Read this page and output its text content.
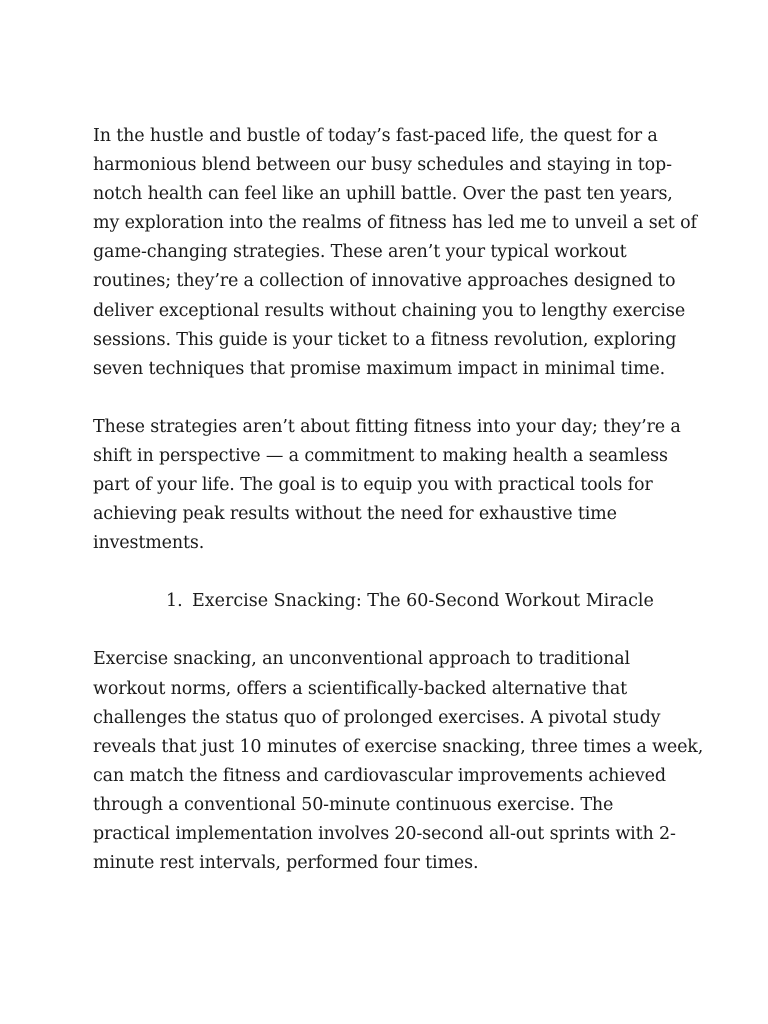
In the hustle and bustle of today’s fast-paced life, the quest for a
harmonious blend between our busy schedules and staying in top-
notch health can feel like an uphill battle. Over the past ten years,
my exploration into the realms of fitness has led me to unveil a set of
game-changing strategies. These aren’t your typical workout
routines; they’re a collection of innovative approaches designed to
deliver exceptional results without chaining you to lengthy exercise
sessions. This guide is your ticket to a fitness revolution, exploring
seven techniques that promise maximum impact in minimal time.

These strategies aren’t about fitting fitness into your day; they’re a
shift in perspective — a commitment to making health a seamless
part of your life. The goal is to equip you with practical tools for
achieving peak results without the need for exhaustive time
investments.

1. Exercise Snacking: The 60-Second Workout Miracle

Exercise snacking, an unconventional approach to traditional
workout norms, offers a scientifically-backed alternative that
challenges the status quo of prolonged exercises. A pivotal study
reveals that just 10 minutes of exercise snacking, three times a week,
can match the fitness and cardiovascular improvements achieved
through a conventional 50-minute continuous exercise. The
practical implementation involves 20-second all-out sprints with 2-
minute rest intervals, performed four times.
